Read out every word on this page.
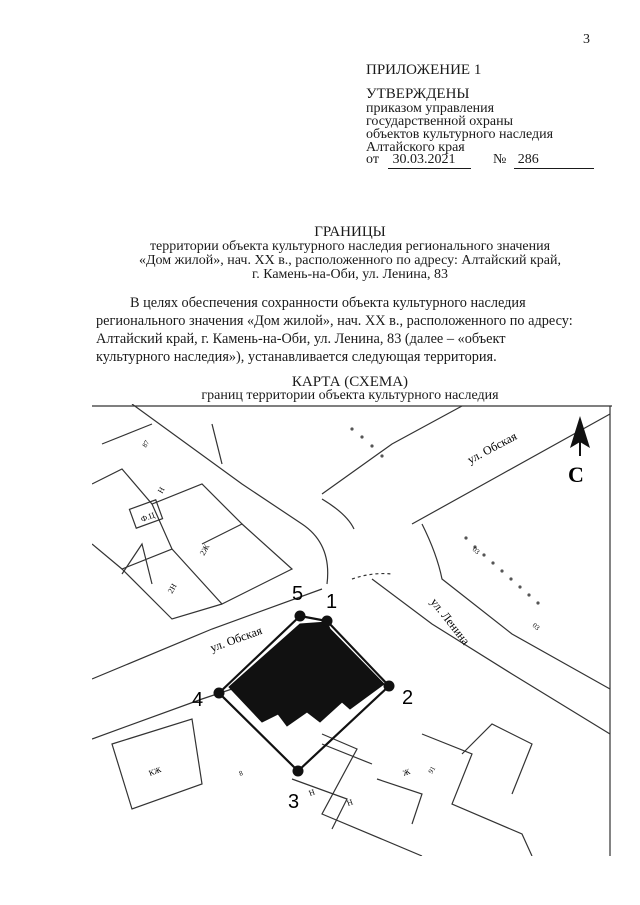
3
ПРИЛОЖЕНИЕ 1
УТВЕРЖДЕНЫ
приказом управления
государственной охраны
объектов культурного наследия
Алтайского края
от 30.03.2021	№ 286
ГРАНИЦЫ
территории объекта культурного наследия регионального значения
«Дом жилой», нач. XX в., расположенного по адресу: Алтайский край,
г. Камень-на-Оби, ул. Ленина, 83
В целях обеспечения сохранности объекта культурного наследия
регионального значения «Дом жилой», нач. XX в., расположенного по адресу:
Алтайский край, г. Камень-на-Оби, ул. Ленина, 83 (далее – «объект
культурного наследия»), устанавливается следующая территория.
КАРТА (СХЕМА)
границ территории объекта культурного наследия
1
2
3
4
5
С
ул. Обская
ул. Обская	ул. Ленина
2Ж
2Н
КЖ	Ж
Н
Н
Н
Ф.Ц
87
91
03
03
8
